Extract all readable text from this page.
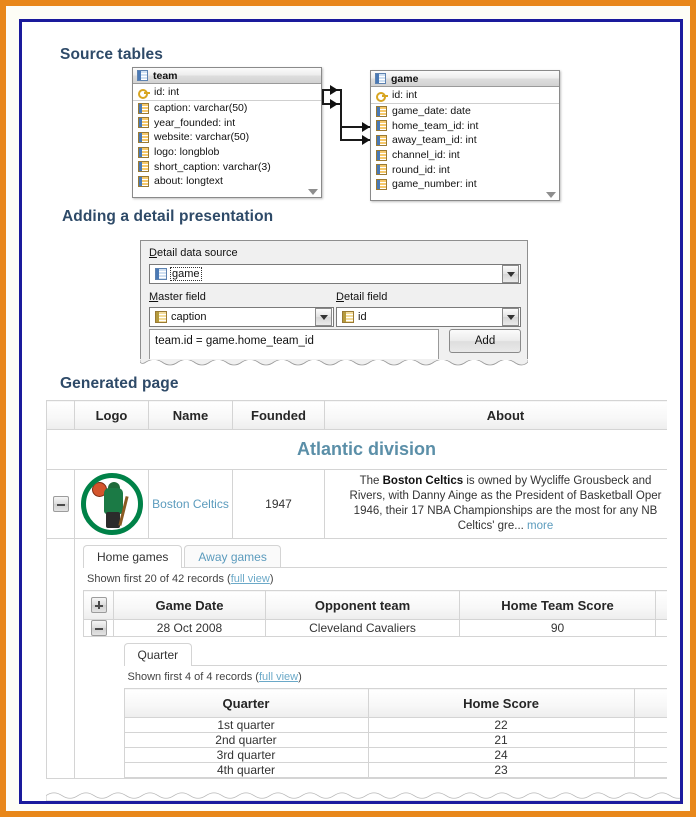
Source tables
team
id: int
caption: varchar(50)
year_founded: int
website: varchar(50)
logo: longblob
short_caption: varchar(3)
about: longtext
game
id: int
game_date: date
home_team_id: int
away_team_id: int
channel_id: int
round_id: int
game_number: int
Adding a detail presentation
Detail data source
game
Master field
caption
Detail field
id
team.id = game.home_team_id	Add
Generated page
	Logo	Name	Founded	About
Atlantic division

	Boston Celtics	1947	The Boston Celtics is owned by Wycliffe Grousbeck and
Rivers, with Danny Ainge as the President of Basketball Oper
1946, their 17 NBA Championships are the most for any NB
Celtics' gre... more

Home games	Away games
Shown first 20 of 42 records (full view)
	Game Date	Opponent team	Home Team Score	

	28 Oct 2008	Cleveland Cavaliers	90	

Quarter
Shown first 4 of 4 records (full view)
Quarter	Home Score	
1st quarter	22	
2nd quarter	21	
3rd quarter	24	
4th quarter	23	
